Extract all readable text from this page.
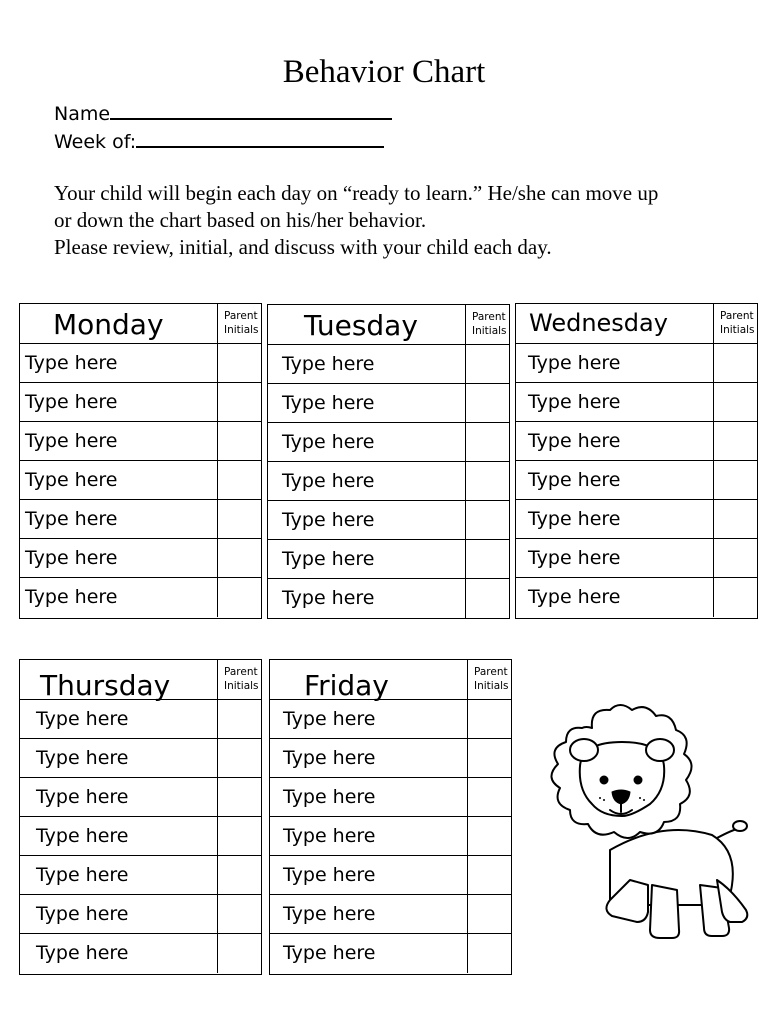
Behavior Chart
Name
Week of:

Your child will begin each day on “ready to learn.” He/she can move up

or down the chart based on his/her behavior.

Please review, initial, and discuss with your child each day.

Monday	Parent Initials
Type here
Type here
Type here
Type here
Type here
Type here
Type here
Tuesday	Parent Initials
Type here
Type here
Type here
Type here
Type here
Type here
Type here
Wednesday	Parent Initials
Type here
Type here
Type here
Type here
Type here
Type here
Type here
Thursday	Parent Initials
Type here
Type here
Type here
Type here
Type here
Type here
Type here
Friday	Parent Initials
Type here
Type here
Type here
Type here
Type here
Type here
Type here
